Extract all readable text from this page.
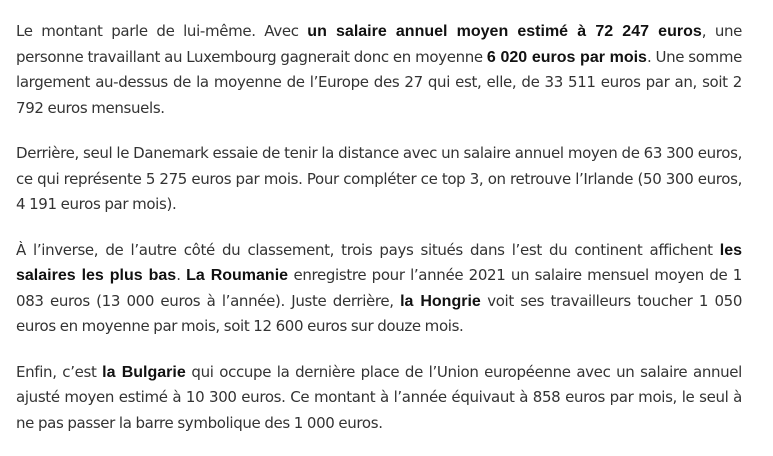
Le montant parle de lui-même. Avec un salaire annuel moyen estimé à 72 247 euros, une personne travaillant au Luxembourg gagnerait donc en moyenne 6 020 euros par mois. Une somme largement au-dessus de la moyenne de l’Europe des 27 qui est, elle, de 33 511 euros par an, soit 2 792 euros mensuels.

Derrière, seul le Danemark essaie de tenir la distance avec un salaire annuel moyen de 63 300 euros, ce qui représente 5 275 euros par mois. Pour compléter ce top 3, on retrouve l’Irlande (50 300 euros, 4 191 euros par mois).

À l’inverse, de l’autre côté du classement, trois pays situés dans l’est du continent affichent les salaires les plus bas. La Roumanie enregistre pour l’année 2021 un salaire mensuel moyen de 1 083 euros (13 000 euros à l’année). Juste derrière, la Hongrie voit ses travailleurs toucher 1 050 euros en moyenne par mois, soit 12 600 euros sur douze mois.

Enfin, c’est la Bulgarie qui occupe la dernière place de l’Union européenne avec un salaire annuel ajusté moyen estimé à 10 300 euros. Ce montant à l’année équivaut à 858 euros par mois, le seul à ne pas passer la barre symbolique des 1 000 euros.
